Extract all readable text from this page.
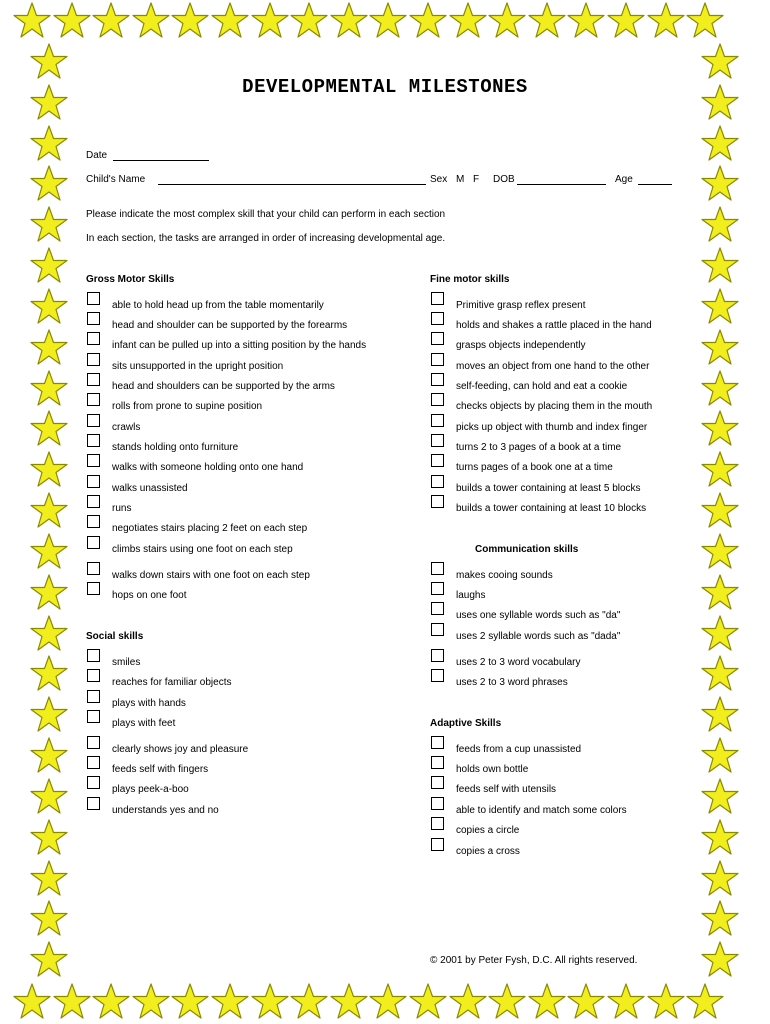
DEVELOPMENTAL MILESTONES
Date
Child's Name	Sex M F DOB	Age
Please indicate the most complex skill that your child can perform in each section
In each section, the tasks are arranged in order of increasing developmental age.
Gross Motor Skills	Fine motor skills
Communication skills
Social skills
Adaptive Skills
able to hold head up from the table momentarily
head and shoulder can be supported by the forearms
infant can be pulled up into a sitting position by the hands
sits unsupported in the upright position
head and shoulders can be supported by the arms
rolls from prone to supine position
crawls
stands holding onto furniture
walks with someone holding onto one hand
walks unassisted
runs
negotiates stairs placing 2 feet on each step
climbs stairs using one foot on each step
walks down stairs with one foot on each step
hops on one foot
Primitive grasp reflex present
holds and shakes a rattle placed in the hand
grasps objects independently
moves an object from one hand to the other
self-feeding, can hold and eat a cookie
checks objects by placing them in the mouth
picks up object with thumb and index finger
turns 2 to 3 pages of a book at a time
turns pages of a book one at a time
builds a tower containing at least 5 blocks
builds a tower containing at least 10 blocks
makes cooing sounds
laughs
uses one syllable words such as "da"
uses 2 syllable words such as "dada"
uses 2 to 3 word vocabulary
uses 2 to 3 word phrases
smiles
reaches for familiar objects
plays with hands
plays with feet
clearly shows joy and pleasure
feeds self with fingers
plays peek-a-boo
understands yes and no
feeds from a cup unassisted
holds own bottle
feeds self with utensils
able to identify and match some colors
copies a circle
copies a cross
© 2001 by Peter Fysh, D.C. All rights reserved.
